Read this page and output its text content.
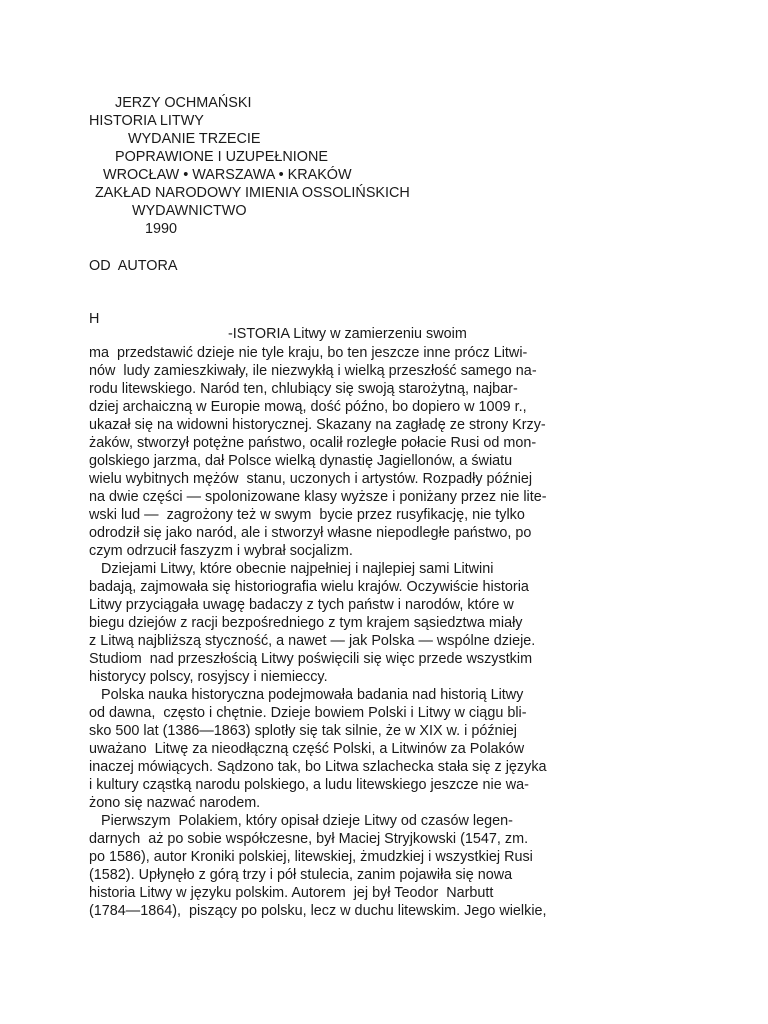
JERZY OCHMAŃSKI
HISTORIA LITWY
WYDANIE TRZECIE
POPRAWIONE I UZUPEŁNIONE
WROCŁAW • WARSZAWA • KRAKÓW
ZAKŁAD NARODOWY IMIENIA OSSOLIŃSKICH
WYDAWNICTWO
1990
OD  AUTORA
H
-ISTORIA Litwy w zamierzeniu swoim
ma  przedstawić dzieje nie tyle kraju, bo ten jeszcze inne prócz Litwi-
nów  ludy zamieszkiwały, ile niezwykłą i wielką przeszłość samego na-
rodu litewskiego. Naród ten, chlubiący się swoją starożytną, najbar-
dziej archaiczną w Europie mową, dość późno, bo dopiero w 1009 r.,
ukazał się na widowni historycznej. Skazany na zagładę ze strony Krzy-
żaków, stworzył potężne państwo, ocalił rozległe połacie Rusi od mon-
golskiego jarzma, dał Polsce wielką dynastię Jagiellonów, a światu
wielu wybitnych mężów  stanu, uczonych i artystów. Rozpadły później
na dwie części — spolonizowane klasy wyższe i poniżany przez nie lite-
wski lud —  zagrożony też w swym  bycie przez rusyfikację, nie tylko
odrodził się jako naród, ale i stworzył własne niepodległe państwo, po
czym odrzucił faszyzm i wybrał socjalizm.
Dziejami Litwy, które obecnie najpełniej i najlepiej sami Litwini
badają, zajmowała się historiografia wielu krajów. Oczywiście historia
Litwy przyciągała uwagę badaczy z tych państw i narodów, które w
biegu dziejów z racji bezpośredniego z tym krajem sąsiedztwa miały
z Litwą najbliższą styczność, a nawet — jak Polska — wspólne dzieje.
Studiom  nad przeszłością Litwy poświęcili się więc przede wszystkim
historycy polscy, rosyjscy i niemieccy.
Polska nauka historyczna podejmowała badania nad historią Litwy
od dawna,  często i chętnie. Dzieje bowiem Polski i Litwy w ciągu bli-
sko 500 lat (1386—1863) splotły się tak silnie, że w XIX w. i później
uważano  Litwę za nieodłączną część Polski, a Litwinów za Polaków
inaczej mówiących. Sądzono tak, bo Litwa szlachecka stała się z języka
i kultury cząstką narodu polskiego, a ludu litewskiego jeszcze nie wa-
żono się nazwać narodem.
Pierwszym  Polakiem, który opisał dzieje Litwy od czasów legen-
darnych  aż po sobie współczesne, był Maciej Stryjkowski (1547, zm.
po 1586), autor Kroniki polskiej, litewskiej, żmudzkiej i wszystkiej Rusi
(1582). Upłynęło z górą trzy i pół stulecia, zanim pojawiła się nowa
historia Litwy w języku polskim. Autorem  jej był Teodor  Narbutt
(1784—1864),  piszący po polsku, lecz w duchu litewskim. Jego wielkie,
